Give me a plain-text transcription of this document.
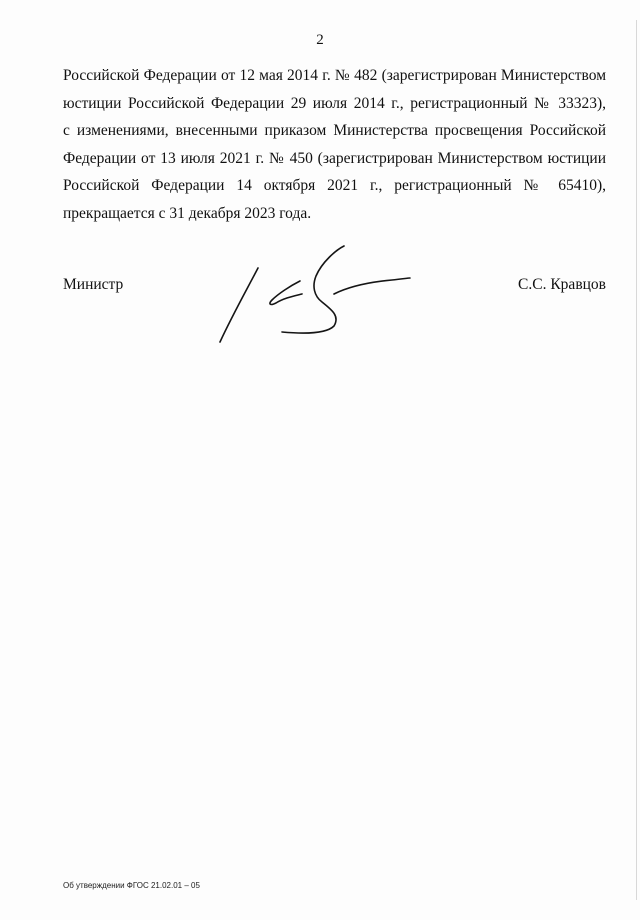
2
Российской Федерации от 12 мая 2014 г. № 482 (зарегистрирован Министерством
юстиции Российской Федерации 29 июля 2014 г., регистрационный № 33323),
с изменениями, внесенными приказом Министерства просвещения Российской
Федерации от 13 июля 2021 г. № 450 (зарегистрирован Министерством юстиции
Российской Федерации 14 октября 2021 г., регистрационный № 65410),
прекращается с 31 декабря 2023 года.
Министр	С.С. Кравцов
Об утверждении ФГОС 21.02.01 – 05
